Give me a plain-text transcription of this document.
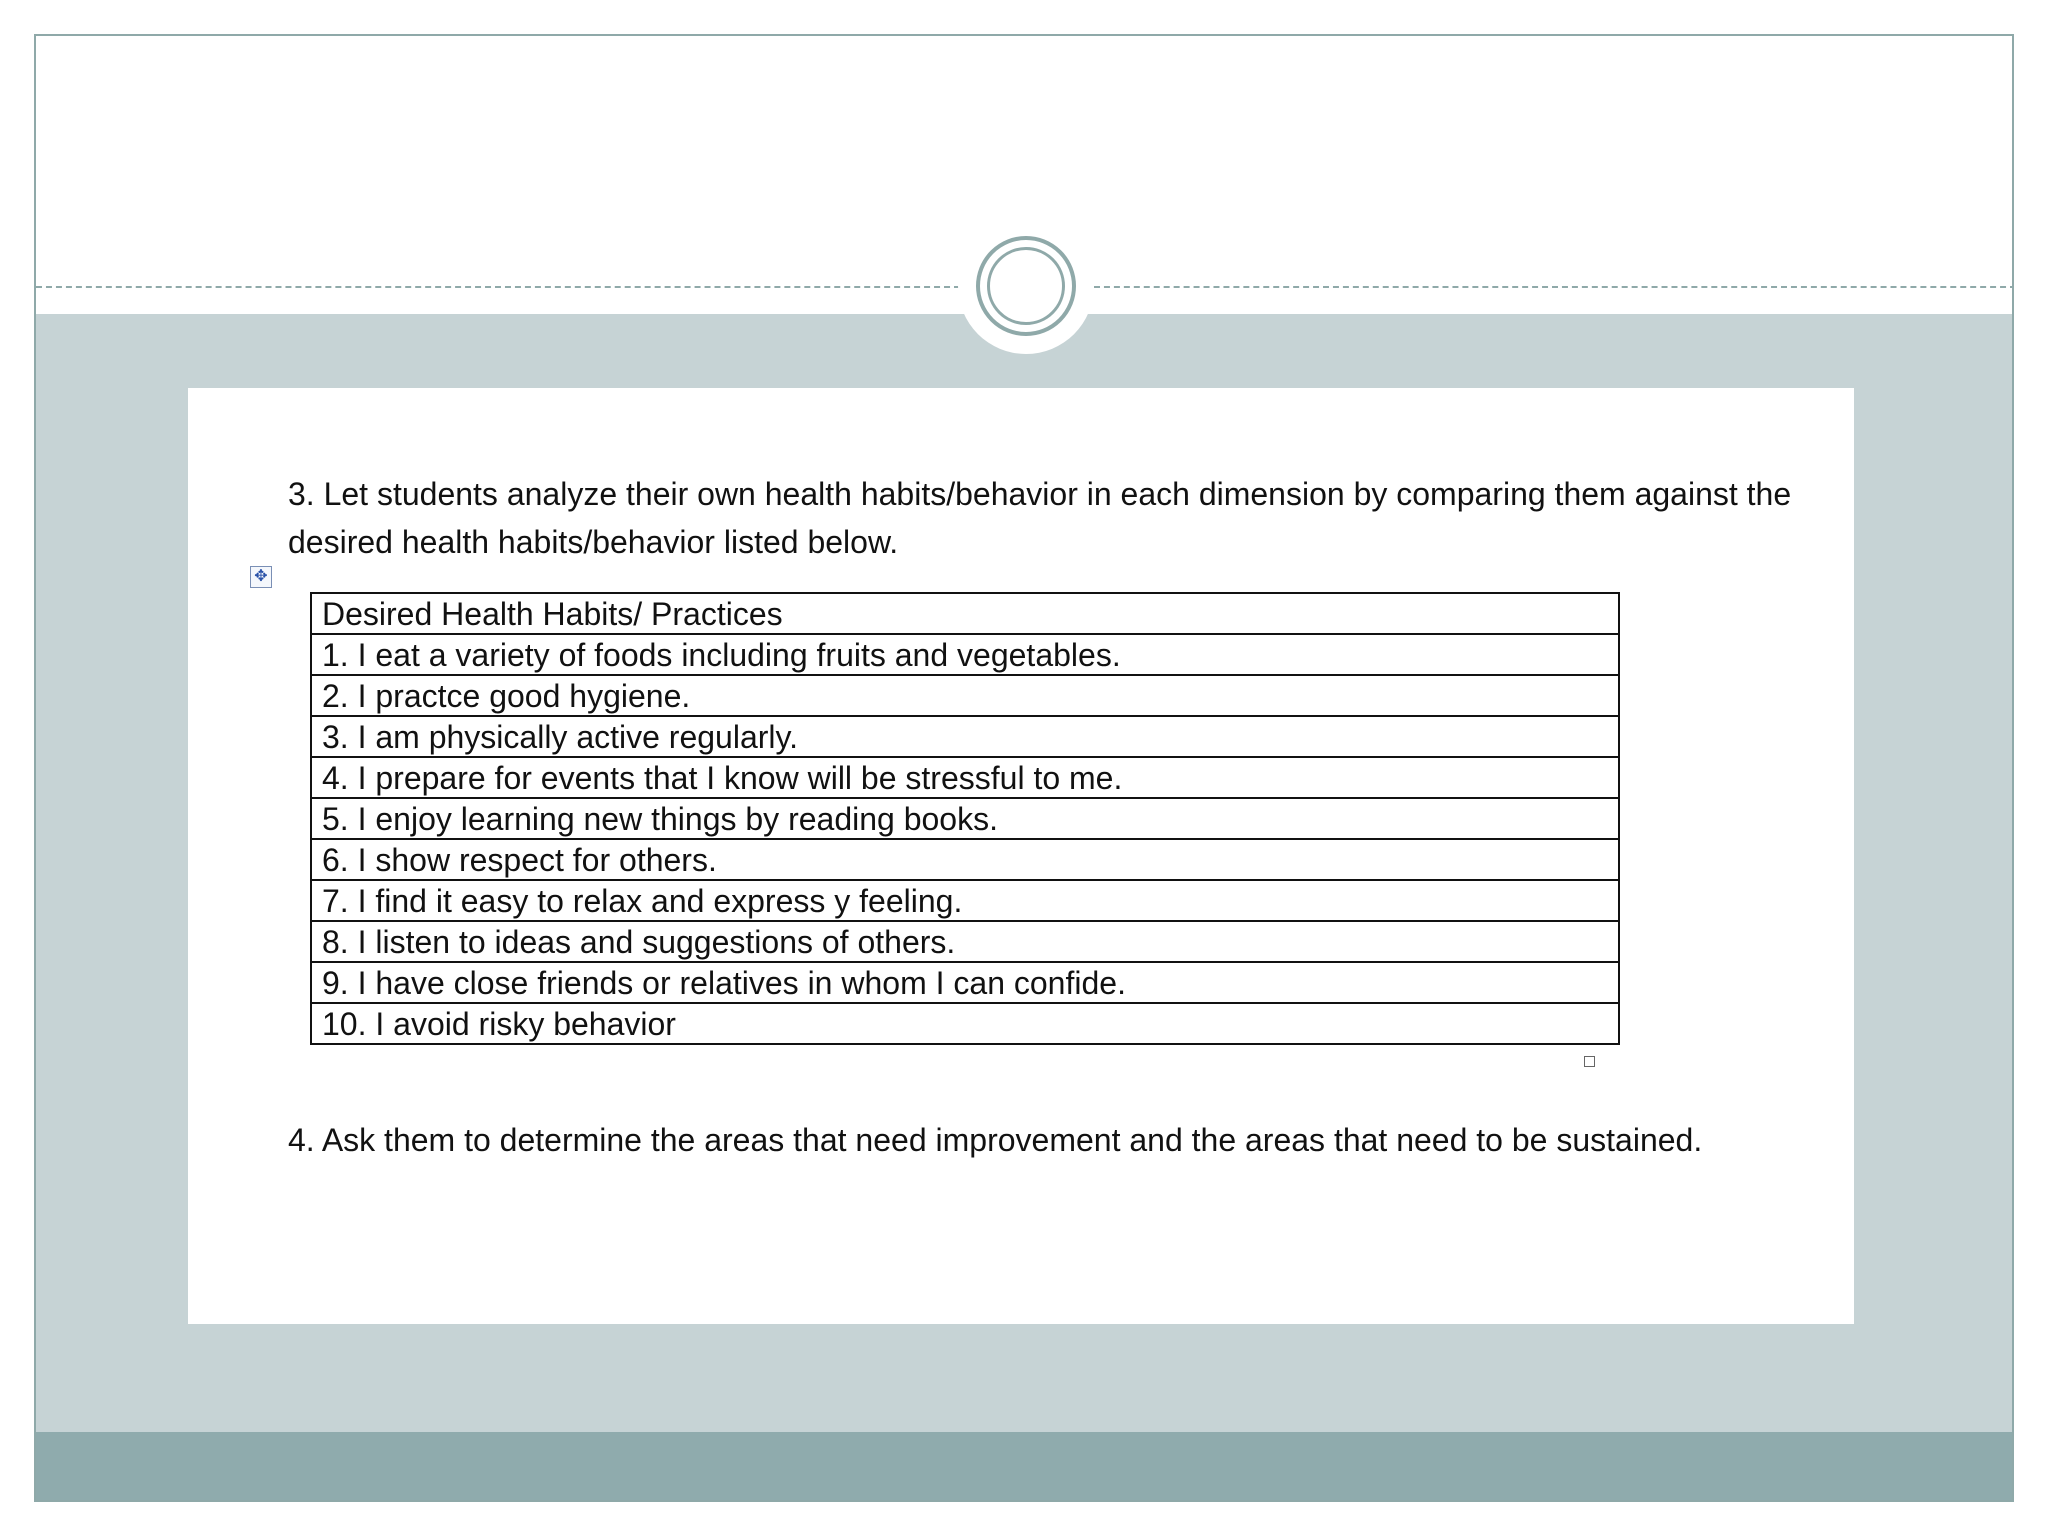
3. Let students analyze their own health habits/behavior in each dimension by comparing them against the desired health habits/behavior listed below.
✥
Desired Health Habits/ Practices
1. I eat a variety of foods including fruits and vegetables.
2. I practce good hygiene.
3. I am physically active regularly.
4. I prepare for events that I know will be stressful to me.
5. I enjoy learning new things by reading books.
6. I show respect for others.
7. I find it easy to relax and express y feeling.
8. I listen to ideas and suggestions of others.
9. I have close friends or relatives in whom I can confide.
10. I avoid risky behavior
4. Ask them to determine the areas that need improvement and the areas that need to be sustained.
